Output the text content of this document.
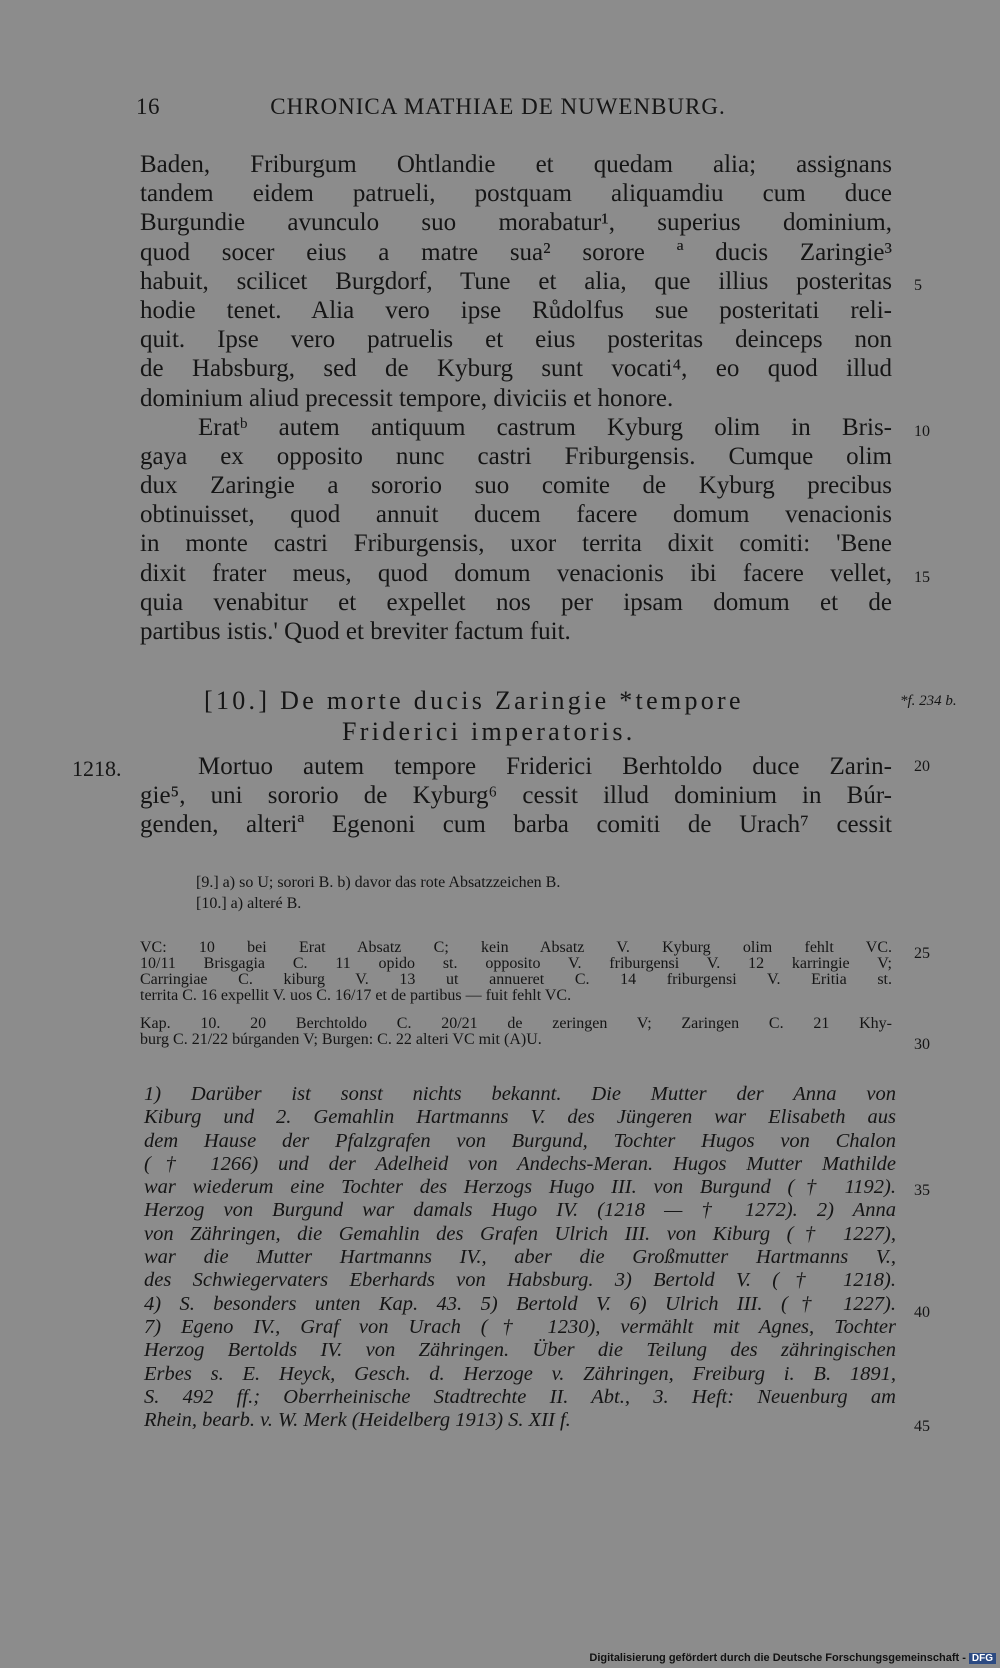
16	CHRONICA MATHIAE DE NUWENBURG.
Baden, Friburgum Ohtlandie et quedam alia; assignans
tandem eidem patrueli, postquam aliquamdiu cum duce
Burgundie avunculo suo morabatur¹, superius dominium,
quod socer eius a matre sua² sorore ª ducis Zaringie³
habuit, scilicet Burgdorf, Tune et alia, que illius posteritas
hodie tenet. Alia vero ipse Růdolfus sue posteritati reli-
quit. Ipse vero patruelis et eius posteritas deinceps non
de Habsburg, sed de Kyburg sunt vocati⁴, eo quod illud
dominium aliud precessit tempore, diviciis et honore.
Eratᵇ autem antiquum castrum Kyburg olim in Bris-
gaya ex opposito nunc castri Friburgensis. Cumque olim
dux Zaringie a sororio suo comite de Kyburg precibus
obtinuisset, quod annuit ducem facere domum venacionis
in monte castri Friburgensis, uxor territa dixit comiti: 'Bene
dixit frater meus, quod domum venacionis ibi facere vellet,
quia venabitur et expellet nos per ipsam domum et de
partibus istis.' Quod et breviter factum fuit.
5
10
15
20
25
30
35
40
45
[10.] De morte ducis Zaringie *tempore
Friderici imperatoris.
*f. 234 b.
1218.	Mortuo autem tempore Friderici Berhtoldo duce Zarin-
gie⁵, uni sororio de Kyburg⁶ cessit illud dominium in Búr-
genden, alteriª Egenoni cum barba comiti de Urach⁷ cessit
[9.] a) so U; sorori B. b) davor das rote Absatzzeichen B.
[10.] a) alteré B.
VC: 10 bei Erat Absatz C; kein Absatz V. Kyburg olim fehlt VC.
10/11 Brisgagia C. 11 opido st. opposito V. friburgensi V. 12 karringie V;
Carringiae C. kiburg V. 13 ut annueret C. 14 friburgensi V. Eritia st.
territa C. 16 expellit V. uos C. 16/17 et de partibus — fuit fehlt VC.
Kap. 10. 20 Berchtoldo C. 20/21 de zeringen V; Zaringen C. 21 Khy-
burg C. 21/22 búrganden V; Burgen: C. 22 alteri VC mit (A)U.
1) Darüber ist sonst nichts bekannt. Die Mutter der Anna von
Kiburg und 2. Gemahlin Hartmanns V. des Jüngeren war Elisabeth aus
dem Hause der Pfalzgrafen von Burgund, Tochter Hugos von Chalon
(† 1266) und der Adelheid von Andechs-Meran. Hugos Mutter Mathilde
war wiederum eine Tochter des Herzogs Hugo III. von Burgund († 1192).
Herzog von Burgund war damals Hugo IV. (1218 — † 1272). 2) Anna
von Zähringen, die Gemahlin des Grafen Ulrich III. von Kiburg († 1227),
war die Mutter Hartmanns IV., aber die Großmutter Hartmanns V.,
des Schwiegervaters Eberhards von Habsburg. 3) Bertold V. († 1218).
4) S. besonders unten Kap. 43. 5) Bertold V. 6) Ulrich III. († 1227).
7) Egeno IV., Graf von Urach († 1230), vermählt mit Agnes, Tochter
Herzog Bertolds IV. von Zähringen. Über die Teilung des zähringischen
Erbes s. E. Heyck, Gesch. d. Herzoge v. Zähringen, Freiburg i. B. 1891,
S. 492 ff.; Oberrheinische Stadtrechte II. Abt., 3. Heft: Neuenburg am
Rhein, bearb. v. W. Merk (Heidelberg 1913) S. XII f.
Digitalisierung gefördert durch die Deutsche Forschungsgemeinschaft - DFG
